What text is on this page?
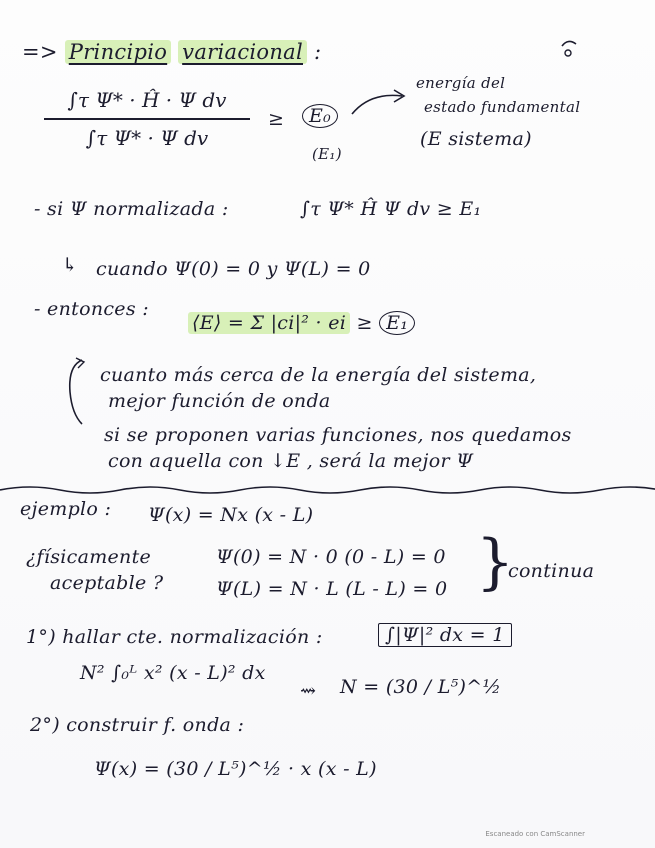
=> Principio variacional :
∫τ Ψ* · Ĥ · Ψ dv
∫τ Ψ* · Ψ dv
≥	E₀
(E₁)
energía del
estado fundamental
(E sistema)
- si Ψ normalizada :	∫τ Ψ* Ĥ Ψ dv ≥ E₁
↳ cuando Ψ(0) = 0 y Ψ(L) = 0
- entonces :
⟨E⟩ = Σ |ci|² · ei ≥ E₁
cuanto más cerca de la energía del sistema,
mejor función de onda
si se proponen varias funciones, nos quedamos
con aquella con ↓E , será la mejor Ψ
ejemplo : Ψ(x) = Nx (x - L)
¿físicamente
aceptable ?
Ψ(0) = N · 0 (0 - L) = 0
Ψ(L) = N · L (L - L) = 0 }
continua
1°) hallar cte. normalización :	∫|Ψ|² dx = 1
N² ∫₀ᴸ x² (x - L)² dx
⇝ N = (30 / L⁵)^½
2°) construir f. onda :
Ψ(x) = (30 / L⁵)^½ · x (x - L)
Escaneado con CamScanner
